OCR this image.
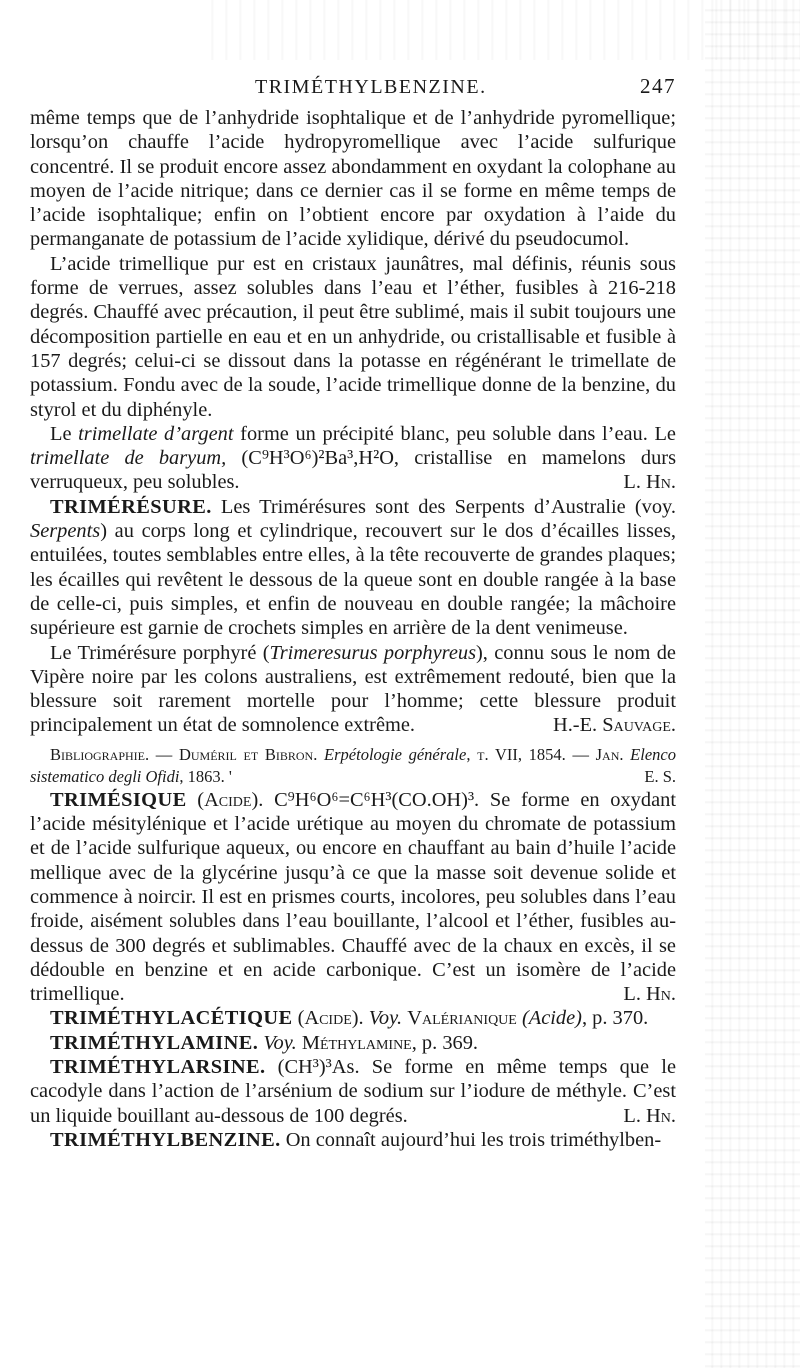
TRIMÉTHYLBENZINE.	247

même temps que de l’anhydride isophtalique et de l’anhydride pyromellique; lorsqu’on chauffe l’acide hydropyromellique avec l’acide sulfurique concentré. Il se produit encore assez abondamment en oxydant la colophane au moyen de l’acide nitrique; dans ce dernier cas il se forme en même temps de l’acide isophtalique; enfin on l’obtient encore par oxydation à l’aide du permanganate de potassium de l’acide xylidique, dérivé du pseudocumol.

L’acide trimellique pur est en cristaux jaunâtres, mal définis, réunis sous forme de verrues, assez solubles dans l’eau et l’éther, fusibles à 216-218 degrés. Chauffé avec précaution, il peut être sublimé, mais il subit toujours une décomposition partielle en eau et en un anhydride, ou cristallisable et fusible à 157 degrés; celui-ci se dissout dans la potasse en régénérant le trimellate de potassium. Fondu avec de la soude, l’acide trimellique donne de la benzine, du styrol et du diphényle.

Le trimellate d’argent forme un précipité blanc, peu soluble dans l’eau. Le trimellate de baryum, (C⁹H³O⁶)²Ba³,H²O, cristallise en mamelons durs verruqueux, peu solubles.	L. Hn.

TRIMÉRÉSURE. Les Trimérésures sont des Serpents d’Australie (voy. Serpents) au corps long et cylindrique, recouvert sur le dos d’écailles lisses, entuilées, toutes semblables entre elles, à la tête recouverte de grandes plaques; les écailles qui revêtent le dessous de la queue sont en double rangée à la base de celle-ci, puis simples, et enfin de nouveau en double rangée; la mâchoire supérieure est garnie de crochets simples en arrière de la dent venimeuse.

Le Trimérésure porphyré (Trimeresurus porphyreus), connu sous le nom de Vipère noire par les colons australiens, est extrêmement redouté, bien que la blessure soit rarement mortelle pour l’homme; cette blessure produit principalement un état de somnolence extrême.	H.-E. Sauvage.

Bibliographie. — Duméril et Bibron. Erpétologie générale, t. VII, 1854. — Jan. Elenco sistematico degli Ofidi, 1863. '	E. S.

TRIMÉSIQUE (Acide). C⁹H⁶O⁶=C⁶H³(CO.OH)³. Se forme en oxydant l’acide mésitylénique et l’acide urétique au moyen du chromate de potassium et de l’acide sulfurique aqueux, ou encore en chauffant au bain d’huile l’acide mellique avec de la glycérine jusqu’à ce que la masse soit devenue solide et commence à noircir. Il est en prismes courts, incolores, peu solubles dans l’eau froide, aisément solubles dans l’eau bouillante, l’alcool et l’éther, fusibles au-dessus de 300 degrés et sublimables. Chauffé avec de la chaux en excès, il se dédouble en benzine et en acide carbonique. C’est un isomère de l’acide trimellique.	L. Hn.

TRIMÉTHYLACÉTIQUE (Acide). Voy. Valérianique (Acide), p. 370.

TRIMÉTHYLAMINE. Voy. Méthylamine, p. 369.

TRIMÉTHYLARSINE. (CH³)³As. Se forme en même temps que le cacodyle dans l’action de l’arsénium de sodium sur l’iodure de méthyle. C’est un liquide bouillant au-dessous de 100 degrés.	L. Hn.

TRIMÉTHYLBENZINE. On connaît aujourd’hui les trois triméthylben-
